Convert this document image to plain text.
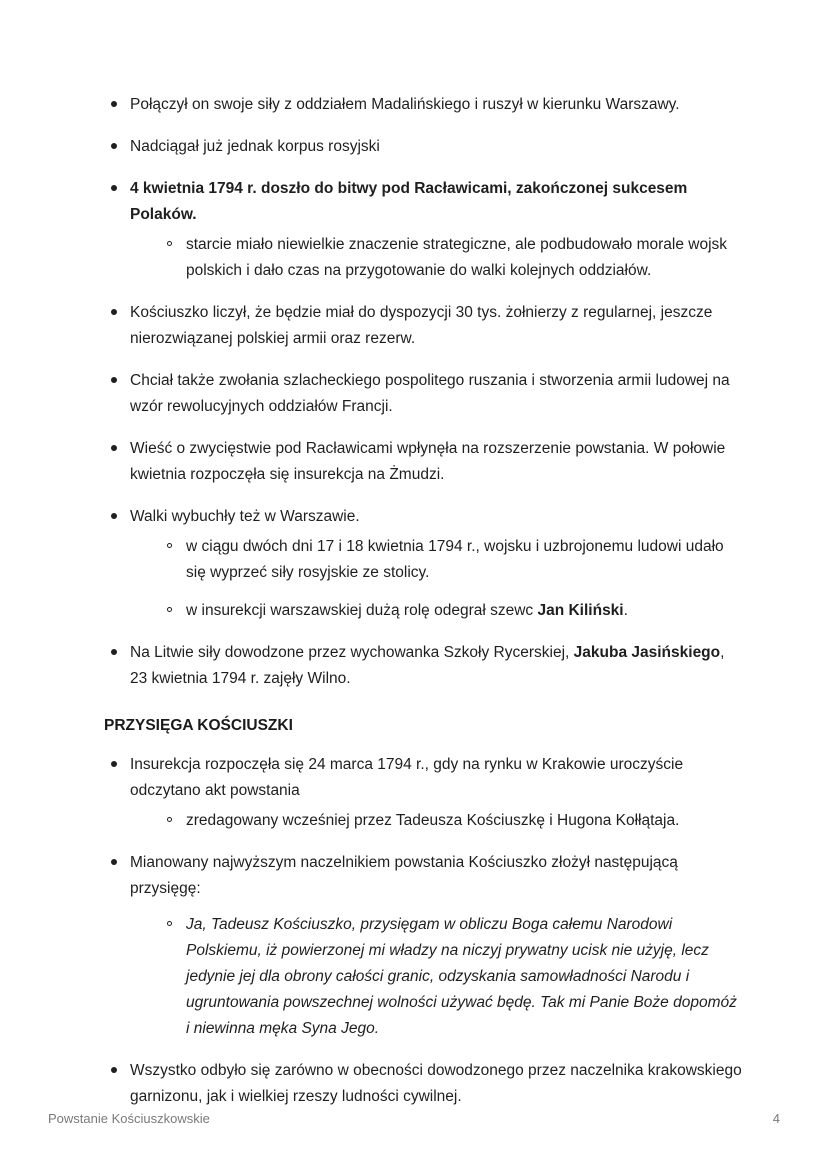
Połączył on swoje siły z oddziałem Madalińskiego i ruszył w kierunku Warszawy.
Nadciągał już jednak korpus rosyjski
4 kwietnia 1794 r. doszło do bitwy pod Racławicami, zakończonej sukcesem Polaków.
starcie miało niewielkie znaczenie strategiczne, ale podbudowało morale wojsk polskich i dało czas na przygotowanie do walki kolejnych oddziałów.
Kościuszko liczył, że będzie miał do dyspozycji 30 tys. żołnierzy z regularnej, jeszcze nierozwiązanej polskiej armii oraz rezerw.
Chciał także zwołania szlacheckiego pospolitego ruszania i stworzenia armii ludowej na wzór rewolucyjnych oddziałów Francji.
Wieść o zwycięstwie pod Racławicami wpłynęła na rozszerzenie powstania. W połowie kwietnia rozpoczęła się insurekcja na Żmudzi.
Walki wybuchły też w Warszawie.
w ciągu dwóch dni 17 i 18 kwietnia 1794 r., wojsku i uzbrojonemu ludowi udało się wyprzeć siły rosyjskie ze stolicy.
w insurekcji warszawskiej dużą rolę odegrał szewc Jan Kiliński.
Na Litwie siły dowodzone przez wychowanka Szkoły Rycerskiej, Jakuba Jasińskiego, 23 kwietnia 1794 r. zajęły Wilno.
PRZYSIĘGA KOŚCIUSZKI
Insurekcja rozpoczęła się 24 marca 1794 r., gdy na rynku w Krakowie uroczyście odczytano akt powstania
zredagowany wcześniej przez Tadeusza Kościuszkę i Hugona Kołłątaja.
Mianowany najwyższym naczelnikiem powstania Kościuszko złożył następującą przysięgę:
Ja, Tadeusz Kościuszko, przysięgam w obliczu Boga całemu Narodowi Polskiemu, iż powierzonej mi władzy na niczyj prywatny ucisk nie użyję, lecz jedynie jej dla obrony całości granic, odzyskania samowładności Narodu i ugruntowania powszechnej wolności używać będę. Tak mi Panie Boże dopomóż i niewinna męka Syna Jego.
Wszystko odbyło się zarówno w obecności dowodzonego przez naczelnika krakowskiego garnizonu, jak i wielkiej rzeszy ludności cywilnej.
Powstanie Kościuszkowskie	4
